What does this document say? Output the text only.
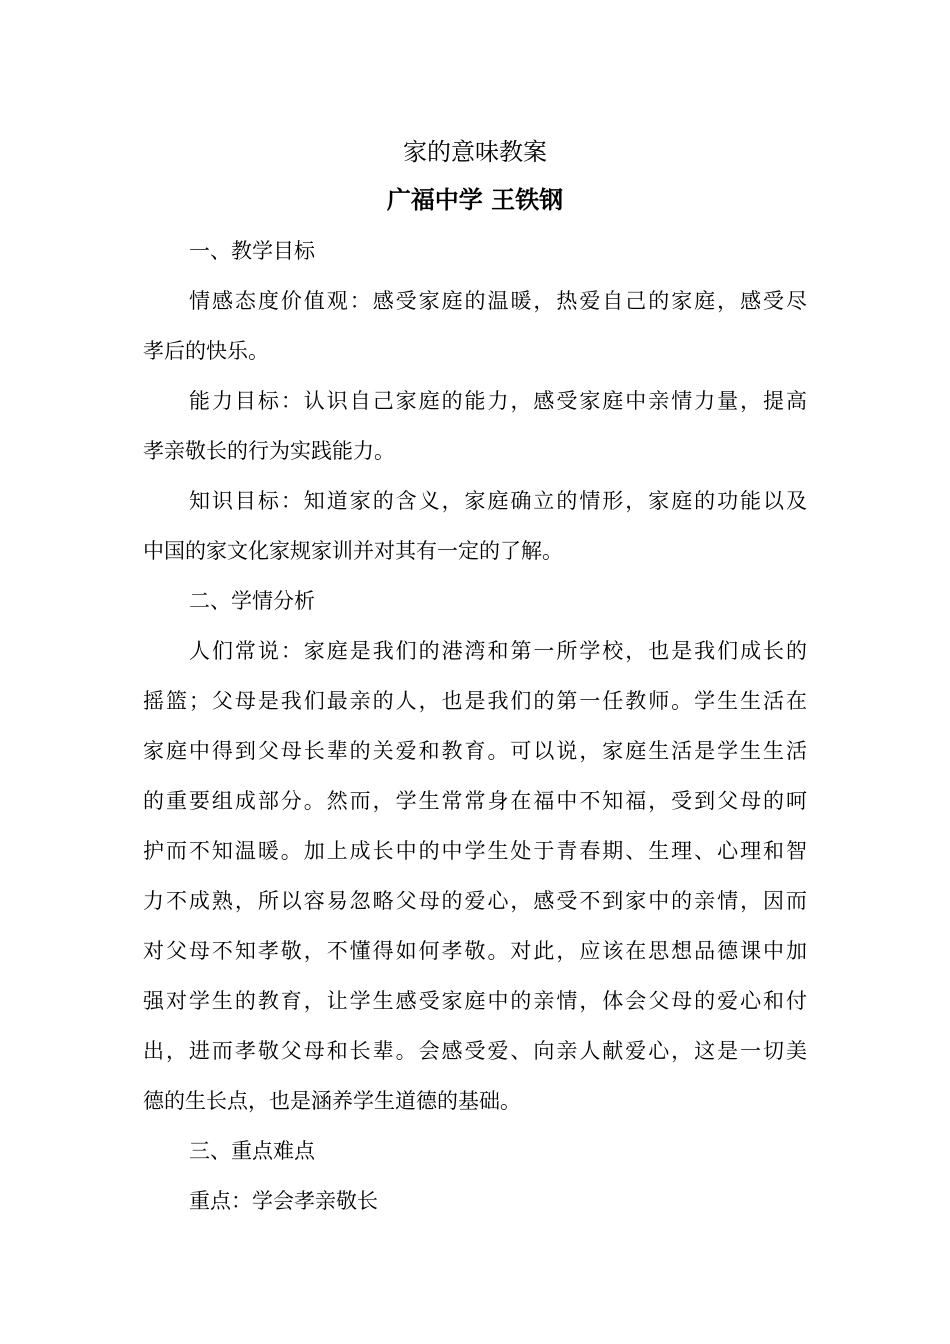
家的意味教案
广福中学 王铁钢
一、教学目标
情感态度价值观：感受家庭的温暖，热爱自己的家庭，感受尽
孝后的快乐。
能力目标：认识自己家庭的能力，感受家庭中亲情力量，提高
孝亲敬长的行为实践能力。
知识目标：知道家的含义，家庭确立的情形，家庭的功能以及
中国的家文化家规家训并对其有一定的了解。
二、学情分析
人们常说：家庭是我们的港湾和第一所学校，也是我们成长的
摇篮；父母是我们最亲的人，也是我们的第一任教师。学生生活在
家庭中得到父母长辈的关爱和教育。可以说，家庭生活是学生生活
的重要组成部分。然而，学生常常身在福中不知福，受到父母的呵
护而不知温暖。加上成长中的中学生处于青春期、生理、心理和智
力不成熟，所以容易忽略父母的爱心，感受不到家中的亲情，因而
对父母不知孝敬，不懂得如何孝敬。对此，应该在思想品德课中加
强对学生的教育，让学生感受家庭中的亲情，体会父母的爱心和付
出，进而孝敬父母和长辈。会感受爱、向亲人献爱心，这是一切美
德的生长点，也是涵养学生道德的基础。
三、重点难点
重点：学会孝亲敬长
